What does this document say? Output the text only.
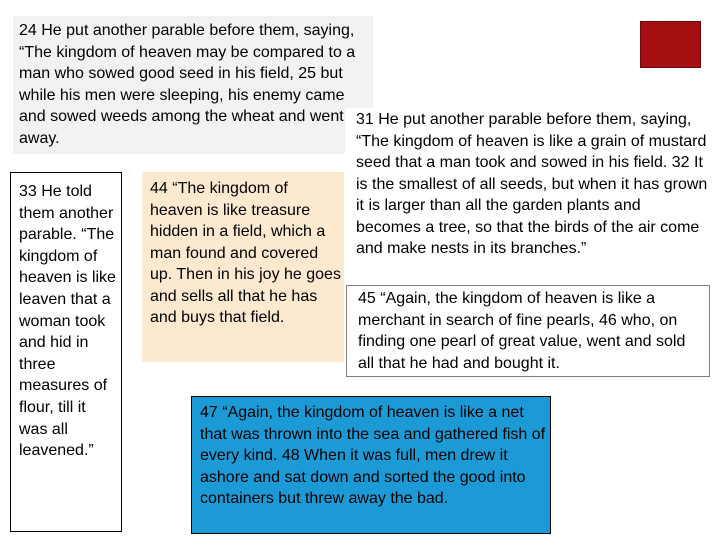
24 He put another parable before them, saying, “The kingdom of heaven may be compared to a man who sowed good seed in his field, 25 but while his men were sleeping, his enemy came and sowed weeds among the wheat and went away.
31 He put another parable before them, saying, “The kingdom of heaven is like a grain of mustard seed that a man took and sowed in his field. 32 It is the smallest of all seeds, but when it has grown it is larger than all the garden plants and becomes a tree, so that the birds of the air come and make nests in its branches.”
33 He told them another parable. “The kingdom of heaven is like leaven that a woman took and hid in three measures of flour, till it was all leavened.”
44 “The kingdom of heaven is like treasure hidden in a field, which a man found and covered up. Then in his joy he goes and sells all that he has and buys that field.
45 “Again, the kingdom of heaven is like a merchant in search of fine pearls, 46 who, on finding one pearl of great value, went and sold all that he had and bought it.
47 “Again, the kingdom of heaven is like a net that was thrown into the sea and gathered fish of every kind. 48 When it was full, men drew it ashore and sat down and sorted the good into containers but threw away the bad.
